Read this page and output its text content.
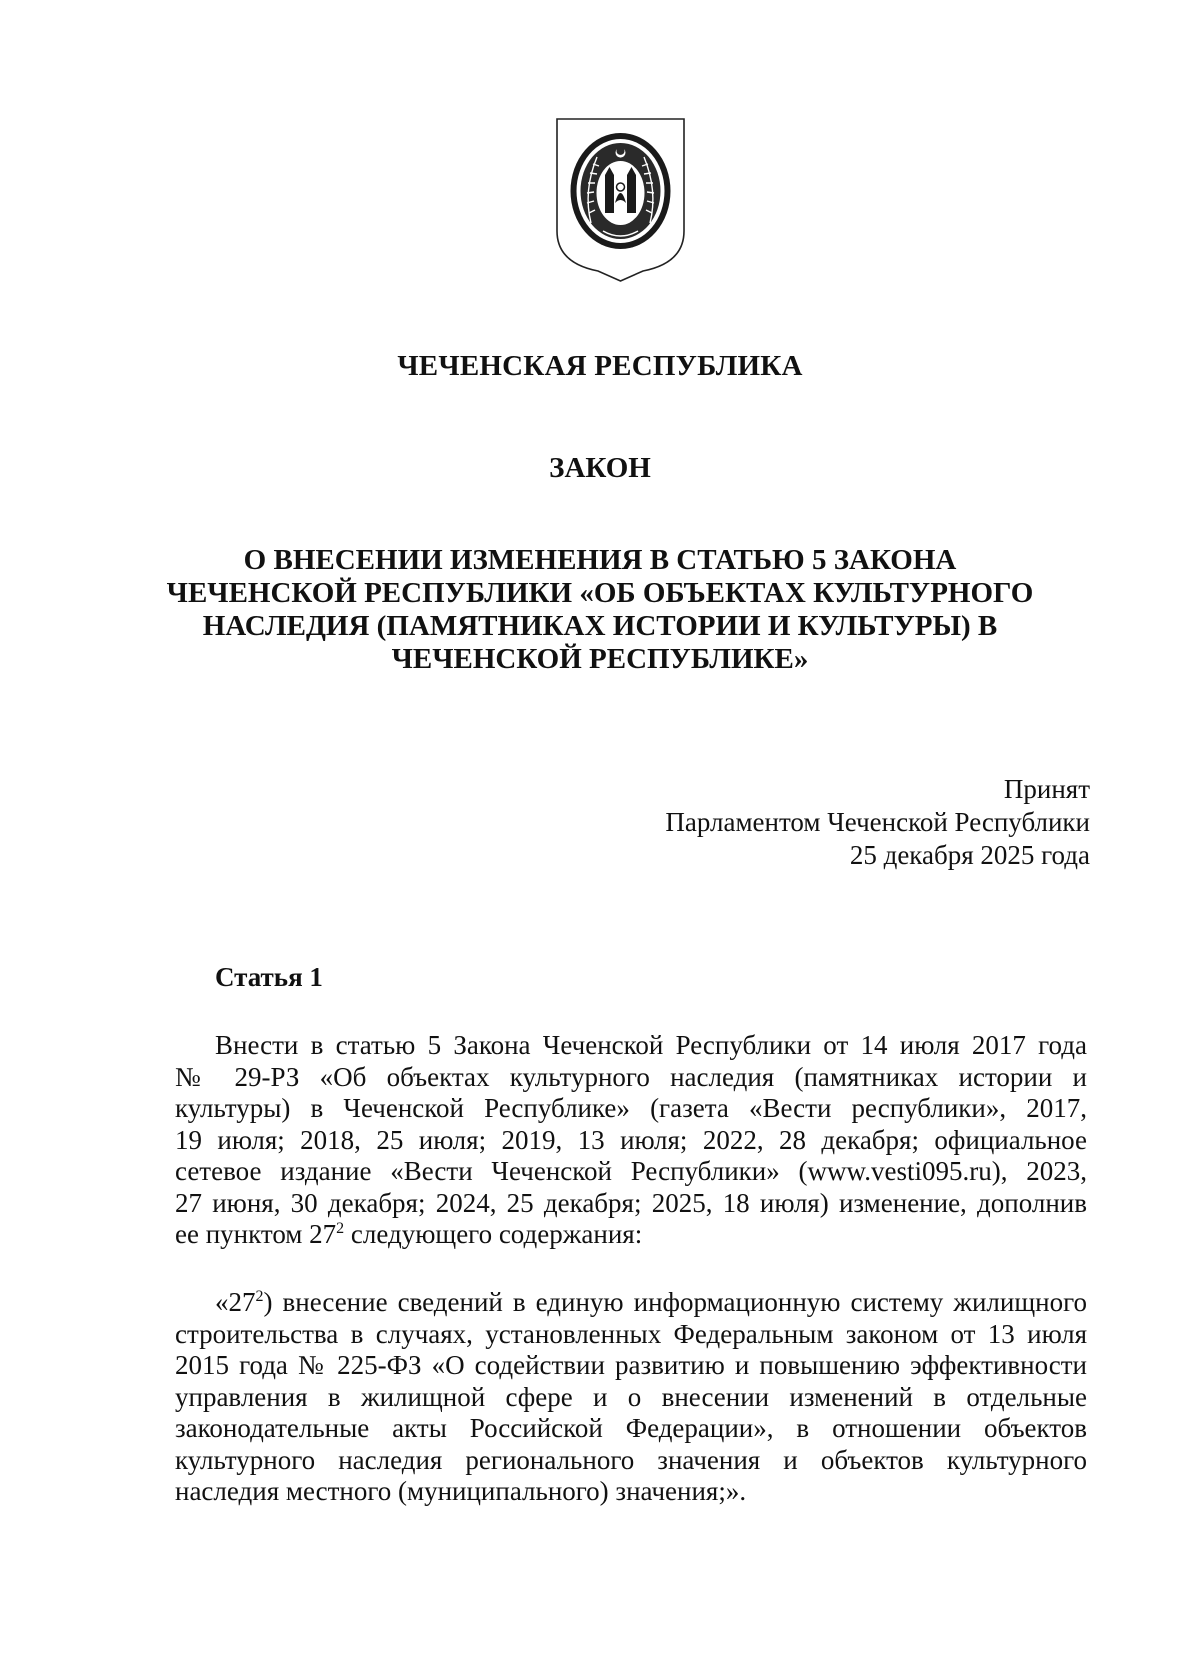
ЧЕЧЕНСКАЯ РЕСПУБЛИКА
ЗАКОН
О ВНЕСЕНИИ ИЗМЕНЕНИЯ В СТАТЬЮ 5 ЗАКОНА
ЧЕЧЕНСКОЙ РЕСПУБЛИКИ «ОБ ОБЪЕКТАХ КУЛЬТУРНОГО
НАСЛЕДИЯ (ПАМЯТНИКАХ ИСТОРИИ И КУЛЬТУРЫ) В
ЧЕЧЕНСКОЙ РЕСПУБЛИКЕ»
Принят
Парламентом Чеченской Республики
25 декабря 2025 года
Статья 1
Внести в статью 5 Закона Чеченской Республики от 14 июля 2017 года
№ 29-РЗ «Об объектах культурного наследия (памятниках истории и
культуры) в Чеченской Республике» (газета «Вести республики», 2017,
19 июля; 2018, 25 июля; 2019, 13 июля; 2022, 28 декабря; официальное
сетевое издание «Вести Чеченской Республики» (www.vesti095.ru), 2023,
27 июня, 30 декабря; 2024, 25 декабря; 2025, 18 июля) изменение, дополнив
ее пунктом $27^2$ следующего содержания:
«$27^2$) внесение сведений в единую информационную систему жилищного
строительства в случаях, установленных Федеральным законом от 13 июля
2015 года № 225-ФЗ «О содействии развитию и повышению эффективности
управления в жилищной сфере и о внесении изменений в отдельные
законодательные акты Российской Федерации», в отношении объектов
культурного наследия регионального значения и объектов культурного
наследия местного (муниципального) значения;».
